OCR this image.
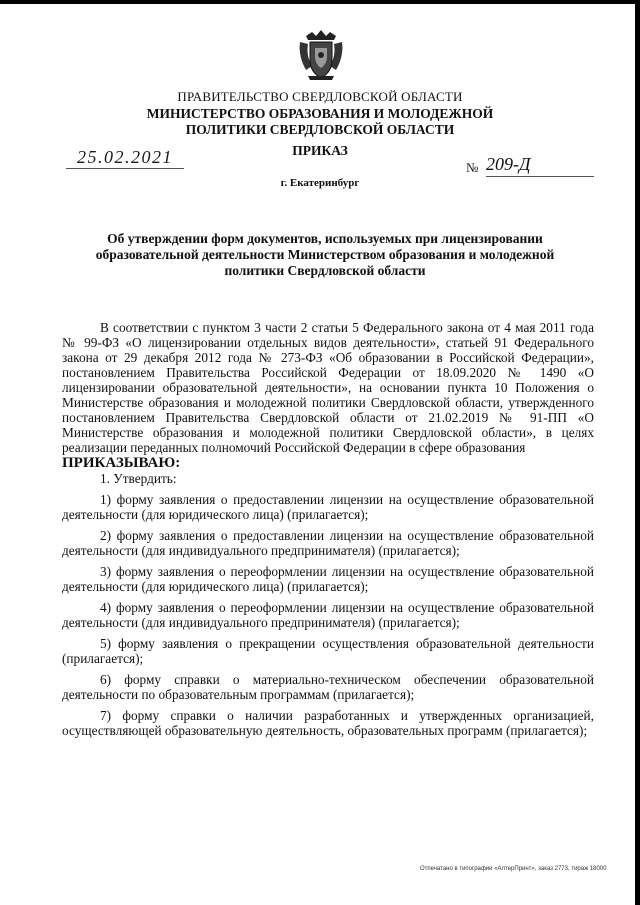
ПРАВИТЕЛЬСТВО СВЕРДЛОВСКОЙ ОБЛАСТИ
МИНИСТЕРСТВО ОБРАЗОВАНИЯ И МОЛОДЕЖНОЙ ПОЛИТИКИ СВЕРДЛОВСКОЙ ОБЛАСТИ
ПРИКАЗ
25.02.2021
№ 209-Д
г. Екатеринбург
Об утверждении форм документов, используемых при лицензировании образовательной деятельности Министерством образования и молодежной политики Свердловской области

В соответствии с пунктом 3 части 2 статьи 5 Федерального закона от 4 мая 2011 года № 99-ФЗ «О лицензировании отдельных видов деятельности», статьей 91 Федерального закона от 29 декабря 2012 года № 273-ФЗ «Об образовании в Российской Федерации», постановлением Правительства Российской Федерации от 18.09.2020 № 1490 «О лицензировании образовательной деятельности», на основании пункта 10 Положения о Министерстве образования и молодежной политики Свердловской области, утвержденного постановлением Правительства Свердловской области от 21.02.2019 № 91-ПП «О Министерстве образования и молодежной политики Свердловской области», в целях реализации переданных полномочий Российской Федерации в сфере образования

ПРИКАЗЫВАЮ:

1. Утвердить:

1) форму заявления о предоставлении лицензии на осуществление образовательной деятельности (для юридического лица) (прилагается);

2) форму заявления о предоставлении лицензии на осуществление образовательной деятельности (для индивидуального предпринимателя) (прилагается);

3) форму заявления о переоформлении лицензии на осуществление образовательной деятельности (для юридического лица) (прилагается);

4) форму заявления о переоформлении лицензии на осуществление образовательной деятельности (для индивидуального предпринимателя) (прилагается);

5) форму заявления о прекращении осуществления образовательной деятельности (прилагается);

6) форму справки о материально-техническом обеспечении образовательной деятельности по образовательным программам (прилагается);

7) форму справки о наличии разработанных и утвержденных организацией, осуществляющей образовательную деятельность, образовательных программ (прилагается);

Отпечатано в типографии «АлтерПринт», заказ 2773, тираж 18000
